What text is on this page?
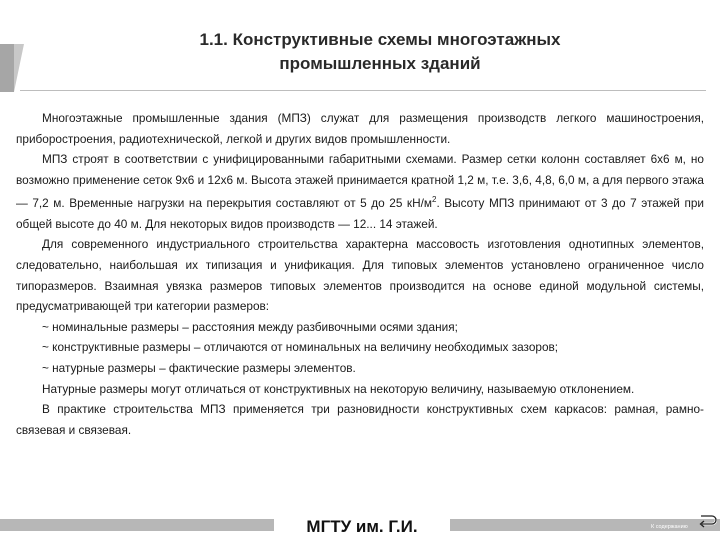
1.1. Конструктивные схемы многоэтажных
промышленных зданий

Многоэтажные промышленные здания (МПЗ) служат для размещения производств легкого машиностроения, приборостроения, радиотехнической, легкой и других видов промышленности.

МПЗ строят в соответствии с унифицированными габаритными схемами. Размер сетки колонн составляет 6х6 м, но возможно применение сеток 9х6 и 12х6 м. Высота этажей принимается кратной 1,2 м, т.е. 3,6, 4,8, 6,0 м, а для первого этажа — 7,2 м. Временные нагрузки на перекрытия составляют от 5 до 25 $кН/м^2$. Высоту МПЗ принимают от 3 до 7 этажей при общей высоте до 40 м. Для некоторых видов производств — 12... 14 этажей.

Для современного индустриального строительства характерна массовость изготовления однотипных элементов, следовательно, наибольшая их типизация и унификация. Для типовых элементов установлено ограниченное число типоразмеров. Взаимная увязка размеров типовых элементов производится на основе единой модульной системы, предусматривающей три категории размеров:

~ номинальные размеры – расстояния между разбивочными осями здания;

~ конструктивные размеры – отличаются от номинальных на величину необходимых зазоров;

~ натурные размеры – фактические размеры элементов.

Натурные размеры могут отличаться от конструктивных на некоторую величину, называемую отклонением.

В практике строительства МПЗ применяется три разновидности конструктивных схем каркасов: рамная, рамно-связевая и связевая.

МГТУ им. Г.И.	К содержанию
